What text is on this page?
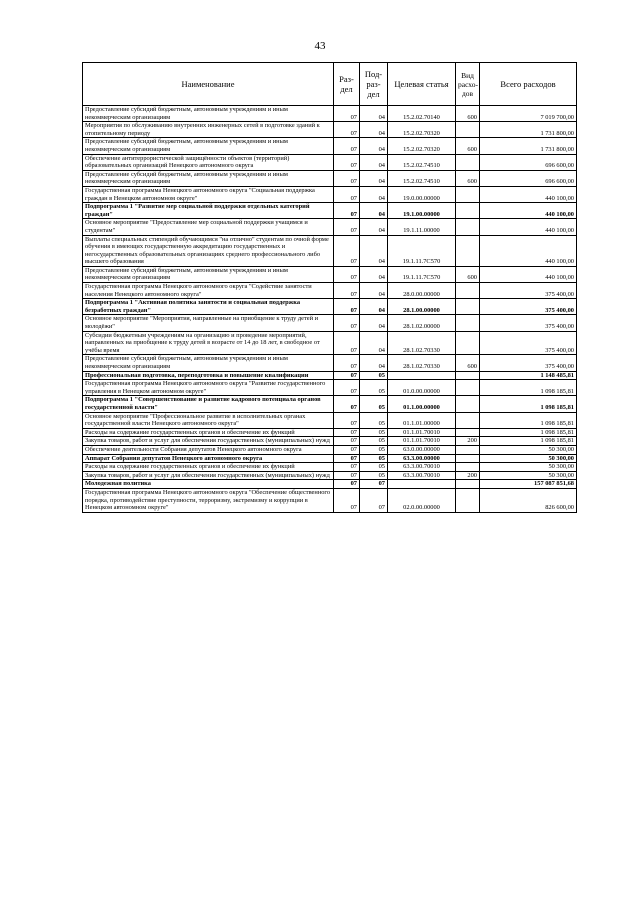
43
Наименование	Раз-дел	Под-раз-дел	Целевая статья	Вид расхо-дов	Всего расходов
Предоставление субсидий бюджетным, автономным учреждениям и иным некоммерческим организациям	07	04	15.2.02.70140	600	7 019 700,00
Мероприятия по обслуживанию внутренних инженерных сетей в подготовке зданий к отопительному периоду	07	04	15.2.02.70320		1 731 800,00
Предоставление субсидий бюджетным, автономным учреждениям и иным некоммерческим организациям	07	04	15.2.02.70320	600	1 731 800,00
Обеспечение антитеррористической защищённости объектов (территорий) образовательных организаций Ненецкого автономного округа	07	04	15.2.02.74510		696 600,00
Предоставление субсидий бюджетным, автономным учреждениям и иным некоммерческим организациям	07	04	15.2.02.74510	600	696 600,00
Государственная программа Ненецкого автономного округа "Социальная поддержка граждан в Ненецком автономном округе"	07	04	19.0.00.00000		440 100,00
Подпрограмма 1 "Развитие мер социальной поддержки отдельных категорий граждан"	07	04	19.1.00.00000		440 100,00
Основное мероприятие "Предоставление мер социальной поддержки учащимся и студентам"	07	04	19.1.11.00000		440 100,00
Выплаты специальных стипендий обучающимся "на отлично" студентам по очной форме обучения в имеющих государственную аккредитацию государственных и негосударственных образовательных организациях среднего профессионального либо высшего образования	07	04	19.1.11.7С570		440 100,00
Предоставление субсидий бюджетным, автономным учреждениям и иным некоммерческим организациям	07	04	19.1.11.7С570	600	440 100,00
Государственная программа Ненецкого автономного округа "Содействие занятости населения Ненецкого автономного округа"	07	04	28.0.00.00000		375 400,00
Подпрограмма 1 "Активная политика занятости и социальная поддержка безработных граждан"	07	04	28.1.00.00000		375 400,00
Основное мероприятие "Мероприятия, направленные на приобщение к труду детей и молодёжи"	07	04	28.1.02.00000		375 400,00
Субсидии бюджетным учреждениям на организацию и проведение мероприятий, направленных на приобщение к труду детей в возрасте от 14 до 18 лет, в свободное от учёбы время	07	04	28.1.02.70330		375 400,00
Предоставление субсидий бюджетным, автономным учреждениям и иным некоммерческим организациям	07	04	28.1.02.70330	600	375 400,00
Профессиональная подготовка, переподготовка и повышение квалификации	07	05			1 148 485,81
Государственная программа Ненецкого автономного округа "Развитие государственного управления в Ненецком автономном округе"	07	05	01.0.00.00000		1 098 185,81
Подпрограмма 1 "Совершенствование и развитие кадрового потенциала органов государственной власти"	07	05	01.1.00.00000		1 098 185,81
Основное мероприятие "Профессиональное развитие в исполнительных органах государственной власти Ненецкого автономного округа"	07	05	01.1.01.00000		1 098 185,81
Расходы на содержание государственных органов и обеспечение их функций	07	05	01.1.01.70010		1 098 185,81
Закупка товаров, работ и услуг для обеспечения государственных (муниципальных) нужд	07	05	01.1.01.70010	200	1 098 185,81
Обеспечение деятельности Собрания депутатов Ненецкого автономного округа	07	05	63.0.00.00000		50 300,00
Аппарат Собрания депутатов Ненецкого автономного округа	07	05	63.3.00.00000		50 300,00
Расходы на содержание государственных органов и обеспечение их функций	07	05	63.3.00.70010		50 300,00
Закупка товаров, работ и услуг для обеспечения государственных (муниципальных) нужд	07	05	63.3.00.70010	200	50 300,00
Молодежная политика	07	07			157 087 851,68
Государственная программа Ненецкого автономного округа "Обеспечение общественного порядка, противодействие преступности, терроризму, экстремизму и коррупции в Ненецком автономном округе"	07	07	02.0.00.00000		826 600,00
